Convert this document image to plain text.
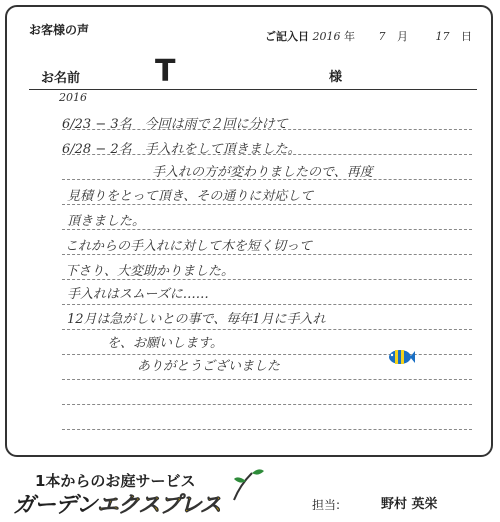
お客様の声	ご記入日 2016 年 7 月	17 日
お名前 T	様
2016
6/23 − 3名　今回は雨で２回に分けて
6/28 − 2名　手入れをして頂きました。
手入れの方が変わりましたので、再度
見積りをとって頂き、その通りに対応して
頂きました。
これからの手入れに対して木を短く切って
下さり、大変助かりました。
手入れはスムーズに……
12月は急がしいとの事で、毎年1月に手入れ
を、お願いします。
ありがとうございました
1本からのお庭サービス
ガーデンエクスプレス	担当:	野村 英栄
